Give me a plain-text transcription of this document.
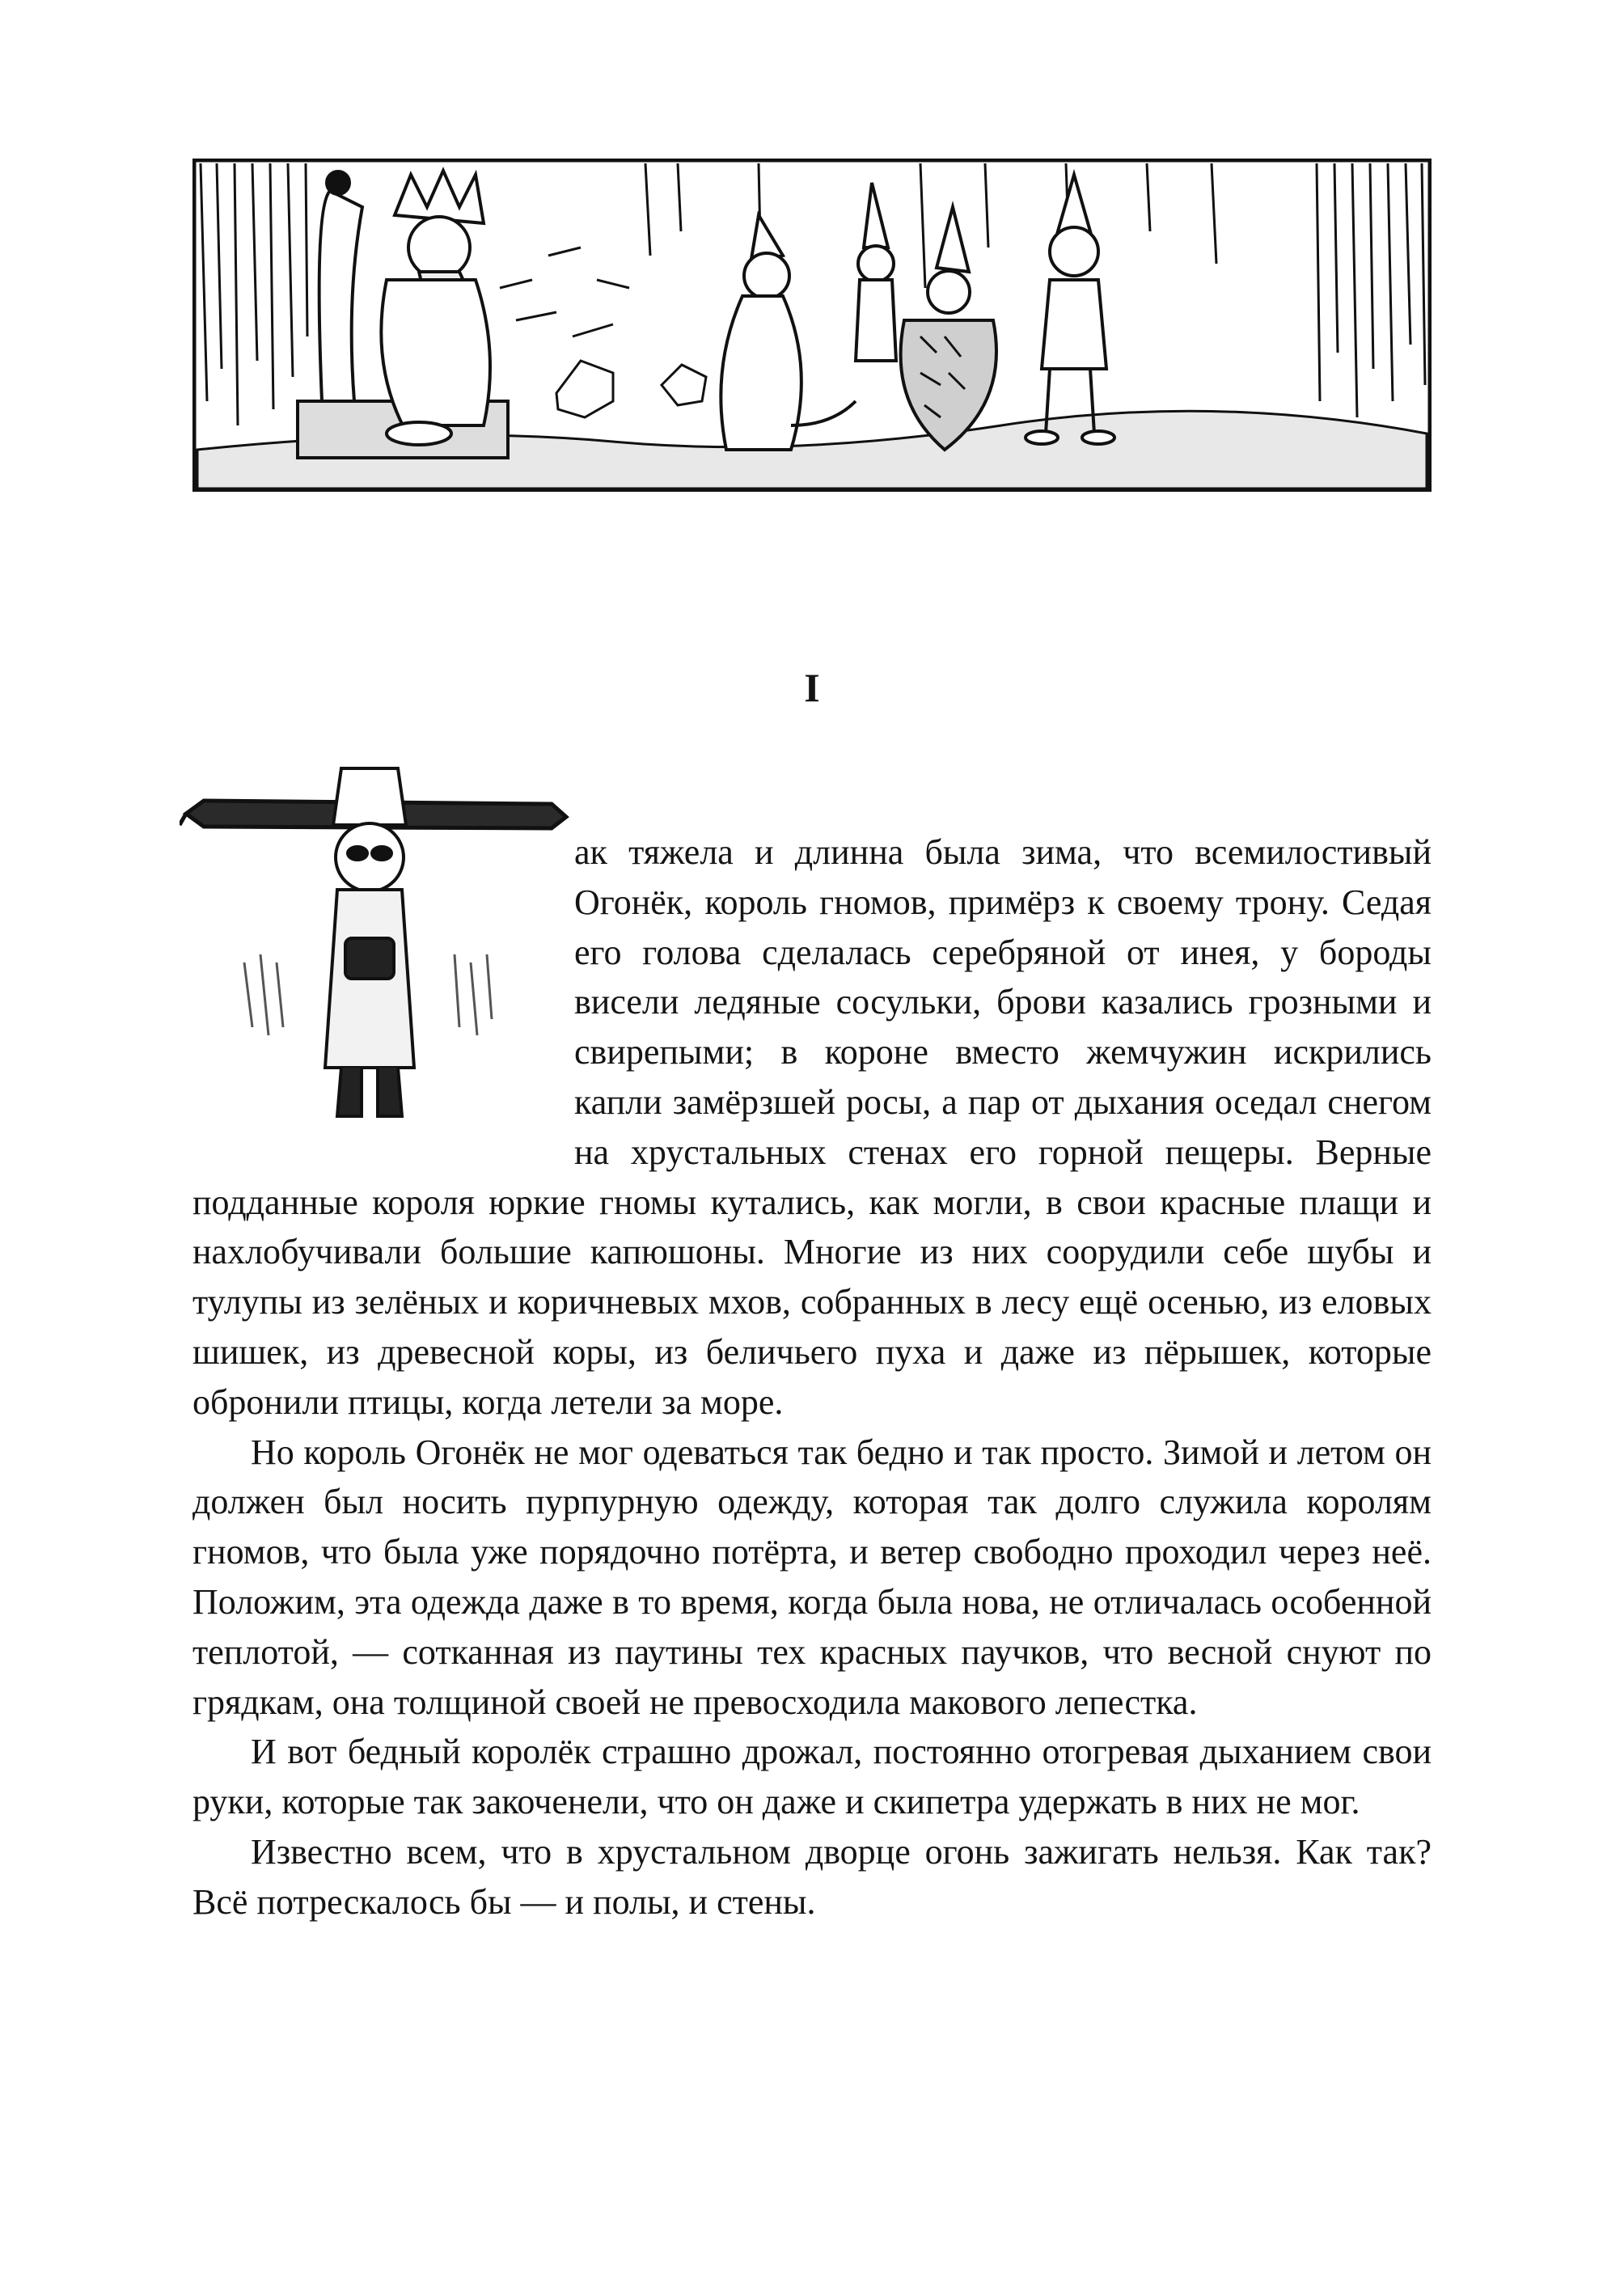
I

ак тяжела и длинна была зима, что всемилостивый Огонёк, король гномов, примёрз к своему трону. Седая его голова сделалась серебряной от инея, у бороды висели ледяные сосульки, брови казались грозными и свирепыми; в короне вместо жемчужин искрились капли замёрзшей росы, а пар от дыхания оседал снегом на хрустальных стенах его горной пещеры. Верные подданные короля юркие гномы кутались, как могли, в свои красные плащи и нахлобучивали большие капюшоны. Многие из них соорудили себе шубы и тулупы из зелёных и коричневых мхов, собранных в лесу ещё осенью, из еловых шишек, из древесной коры, из беличьего пуха и даже из пёрышек, которые обронили птицы, когда летели за море.

Но король Огонёк не мог одеваться так бедно и так просто. Зимой и летом он должен был носить пурпурную одежду, которая так долго служила королям гномов, что была уже порядочно потёрта, и ветер свободно проходил через неё. Положим, эта одежда даже в то время, когда была нова, не отличалась особенной теплотой, — сотканная из паутины тех красных паучков, что весной снуют по грядкам, она толщиной своей не превосходила макового лепестка.

И вот бедный королёк страшно дрожал, постоянно отогревая дыханием свои руки, которые так закоченели, что он даже и скипетра удержать в них не мог.

Известно всем, что в хрустальном дворце огонь зажигать нельзя. Как так? Всё потрескалось бы — и полы, и стены.
